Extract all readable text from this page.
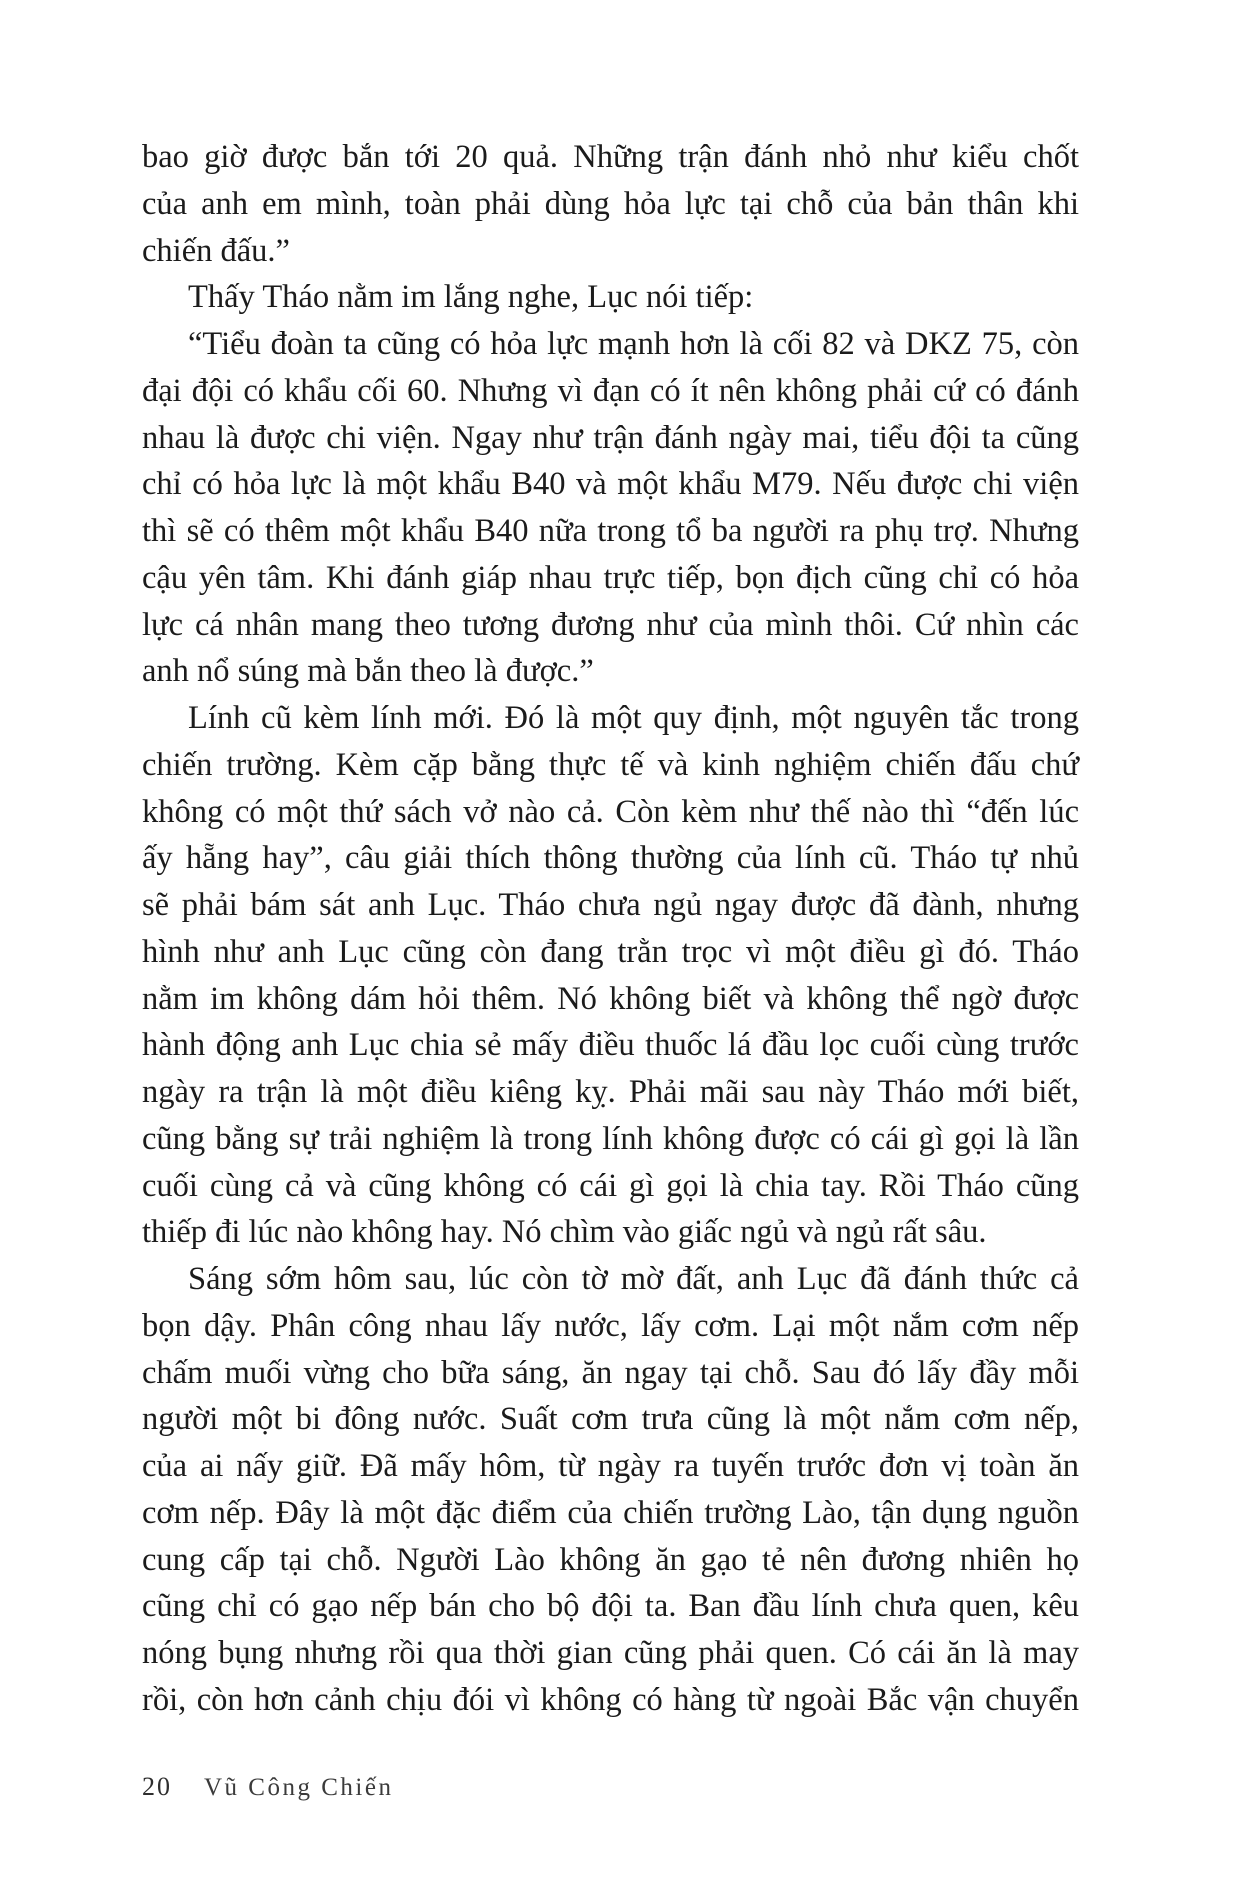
bao giờ được bắn tới 20 quả. Những trận đánh nhỏ như kiểu chốt
của anh em mình, toàn phải dùng hỏa lực tại chỗ của bản thân khi
chiến đấu.”
Thấy Tháo nằm im lắng nghe, Lục nói tiếp:
“Tiểu đoàn ta cũng có hỏa lực mạnh hơn là cối 82 và DKZ 75, còn
đại đội có khẩu cối 60. Nhưng vì đạn có ít nên không phải cứ có đánh
nhau là được chi viện. Ngay như trận đánh ngày mai, tiểu đội ta cũng
chỉ có hỏa lực là một khẩu B40 và một khẩu M79. Nếu được chi viện
thì sẽ có thêm một khẩu B40 nữa trong tổ ba người ra phụ trợ. Nhưng
cậu yên tâm. Khi đánh giáp nhau trực tiếp, bọn địch cũng chỉ có hỏa
lực cá nhân mang theo tương đương như của mình thôi. Cứ nhìn các
anh nổ súng mà bắn theo là được.”
Lính cũ kèm lính mới. Đó là một quy định, một nguyên tắc trong
chiến trường. Kèm cặp bằng thực tế và kinh nghiệm chiến đấu chứ
không có một thứ sách vở nào cả. Còn kèm như thế nào thì “đến lúc
ấy hẵng hay”, câu giải thích thông thường của lính cũ. Tháo tự nhủ
sẽ phải bám sát anh Lục. Tháo chưa ngủ ngay được đã đành, nhưng
hình như anh Lục cũng còn đang trằn trọc vì một điều gì đó. Tháo
nằm im không dám hỏi thêm. Nó không biết và không thể ngờ được
hành động anh Lục chia sẻ mấy điều thuốc lá đầu lọc cuối cùng trước
ngày ra trận là một điều kiêng kỵ. Phải mãi sau này Tháo mới biết,
cũng bằng sự trải nghiệm là trong lính không được có cái gì gọi là lần
cuối cùng cả và cũng không có cái gì gọi là chia tay. Rồi Tháo cũng
thiếp đi lúc nào không hay. Nó chìm vào giấc ngủ và ngủ rất sâu.
Sáng sớm hôm sau, lúc còn tờ mờ đất, anh Lục đã đánh thức cả
bọn dậy. Phân công nhau lấy nước, lấy cơm. Lại một nắm cơm nếp
chấm muối vừng cho bữa sáng, ăn ngay tại chỗ. Sau đó lấy đầy mỗi
người một bi đông nước. Suất cơm trưa cũng là một nắm cơm nếp,
của ai nấy giữ. Đã mấy hôm, từ ngày ra tuyến trước đơn vị toàn ăn
cơm nếp. Đây là một đặc điểm của chiến trường Lào, tận dụng nguồn
cung cấp tại chỗ. Người Lào không ăn gạo tẻ nên đương nhiên họ
cũng chỉ có gạo nếp bán cho bộ đội ta. Ban đầu lính chưa quen, kêu
nóng bụng nhưng rồi qua thời gian cũng phải quen. Có cái ăn là may
rồi, còn hơn cảnh chịu đói vì không có hàng từ ngoài Bắc vận chuyển
20 Vũ Công Chiến
